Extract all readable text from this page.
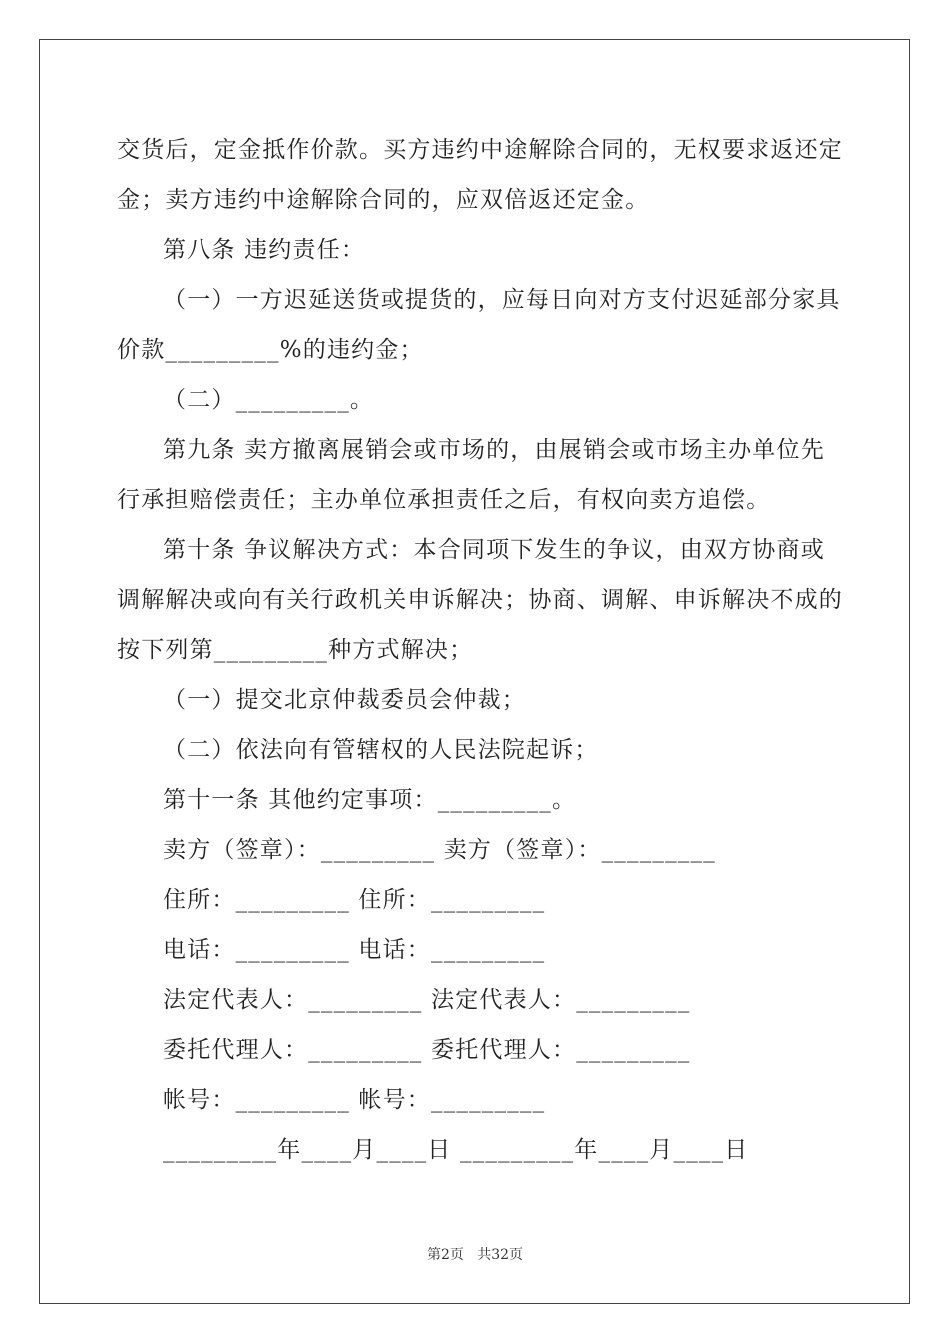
交货后，定金抵作价款。买方违约中途解除合同的，无权要求返还定
金；卖方违约中途解除合同的，应双倍返还定金。
第八条 违约责任：
（一）一方迟延送货或提货的，应每日向对方支付迟延部分家具
价款_________%的违约金；
（二）_________。
第九条 卖方撤离展销会或市场的，由展销会或市场主办单位先
行承担赔偿责任；主办单位承担责任之后，有权向卖方追偿。
第十条 争议解决方式：本合同项下发生的争议，由双方协商或
调解解决或向有关行政机关申诉解决；协商、调解、申诉解决不成的
按下列第_________种方式解决；
（一）提交北京仲裁委员会仲裁；
（二）依法向有管辖权的人民法院起诉；
第十一条 其他约定事项：_________。
卖方（签章）：_________ 卖方（签章）：_________
住所：_________ 住所：_________
电话：_________ 电话：_________
法定代表人：_________ 法定代表人：_________
委托代理人：_________ 委托代理人：_________
帐号：_________ 帐号：_________
_________年____月____日 _________年____月____日
第2页   共32页
